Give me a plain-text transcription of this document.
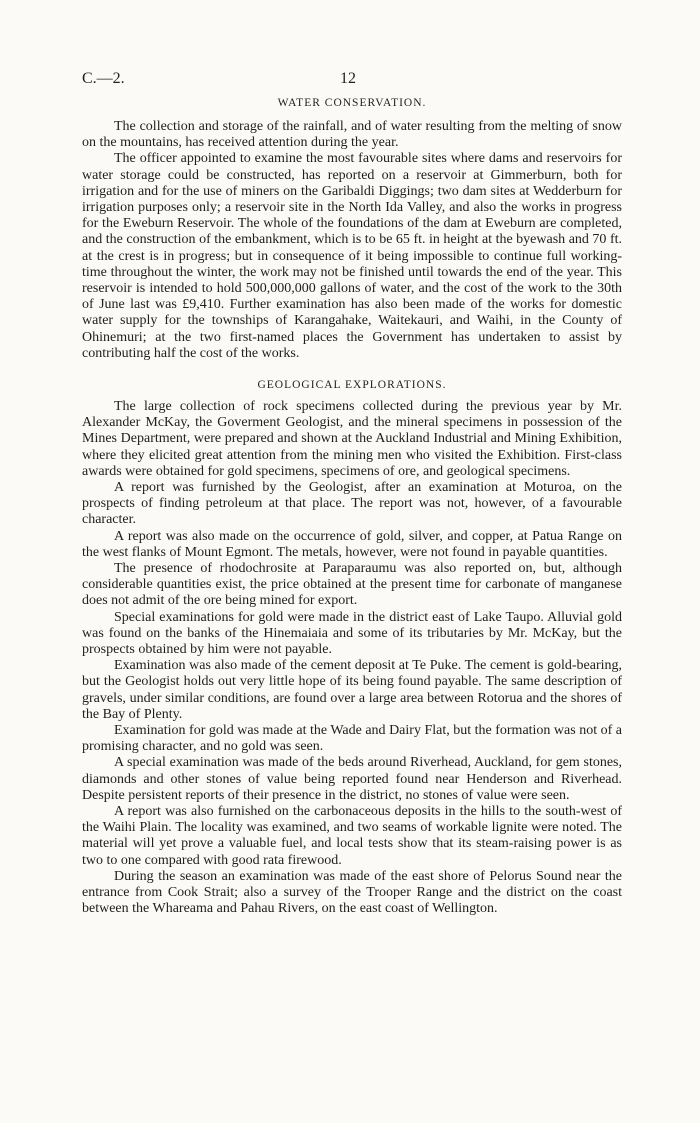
C.—2.	12
WATER CONSERVATION.

The collection and storage of the rainfall, and of water resulting from the melting of snow on the mountains, has received attention during the year.

The officer appointed to examine the most favourable sites where dams and reservoirs for water storage could be constructed, has reported on a reservoir at Gimmerburn, both for irrigation and for the use of miners on the Garibaldi Diggings; two dam sites at Wedderburn for irrigation purposes only; a reservoir site in the North Ida Valley, and also the works in progress for the Eweburn Reservoir. The whole of the foundations of the dam at Eweburn are completed, and the construction of the embankment, which is to be 65 ft. in height at the byewash and 70 ft. at the crest is in progress; but in consequence of it being impossible to continue full working-time throughout the winter, the work may not be finished until towards the end of the year. This reservoir is intended to hold 500,000,000 gallons of water, and the cost of the work to the 30th of June last was £9,410. Further examination has also been made of the works for domestic water supply for the townships of Karangahake, Waitekauri, and Waihi, in the County of Ohinemuri; at the two first-named places the Government has undertaken to assist by contributing half the cost of the works.

GEOLOGICAL EXPLORATIONS.

The large collection of rock specimens collected during the previous year by Mr. Alexander McKay, the Goverment Geologist, and the mineral specimens in possession of the Mines Department, were prepared and shown at the Auckland Industrial and Mining Exhibition, where they elicited great attention from the mining men who visited the Exhibition. First-class awards were obtained for gold specimens, specimens of ore, and geological specimens.

A report was furnished by the Geologist, after an examination at Moturoa, on the prospects of finding petroleum at that place. The report was not, however, of a favourable character.

A report was also made on the occurrence of gold, silver, and copper, at Patua Range on the west flanks of Mount Egmont. The metals, however, were not found in payable quantities.

The presence of rhodochrosite at Paraparaumu was also reported on, but, although considerable quantities exist, the price obtained at the present time for carbonate of manganese does not admit of the ore being mined for export.

Special examinations for gold were made in the district east of Lake Taupo. Alluvial gold was found on the banks of the Hinemaiaia and some of its tributaries by Mr. McKay, but the prospects obtained by him were not payable.

Examination was also made of the cement deposit at Te Puke. The cement is gold-bearing, but the Geologist holds out very little hope of its being found payable. The same description of gravels, under similar conditions, are found over a large area between Rotorua and the shores of the Bay of Plenty.

Examination for gold was made at the Wade and Dairy Flat, but the formation was not of a promising character, and no gold was seen.

A special examination was made of the beds around Riverhead, Auckland, for gem stones, diamonds and other stones of value being reported found near Henderson and Riverhead. Despite persistent reports of their presence in the district, no stones of value were seen.

A report was also furnished on the carbonaceous deposits in the hills to the south-west of the Waihi Plain. The locality was examined, and two seams of workable lignite were noted. The material will yet prove a valuable fuel, and local tests show that its steam-raising power is as two to one compared with good rata firewood.

During the season an examination was made of the east shore of Pelorus Sound near the entrance from Cook Strait; also a survey of the Trooper Range and the district on the coast between the Whareama and Pahau Rivers, on the east coast of Wellington.
